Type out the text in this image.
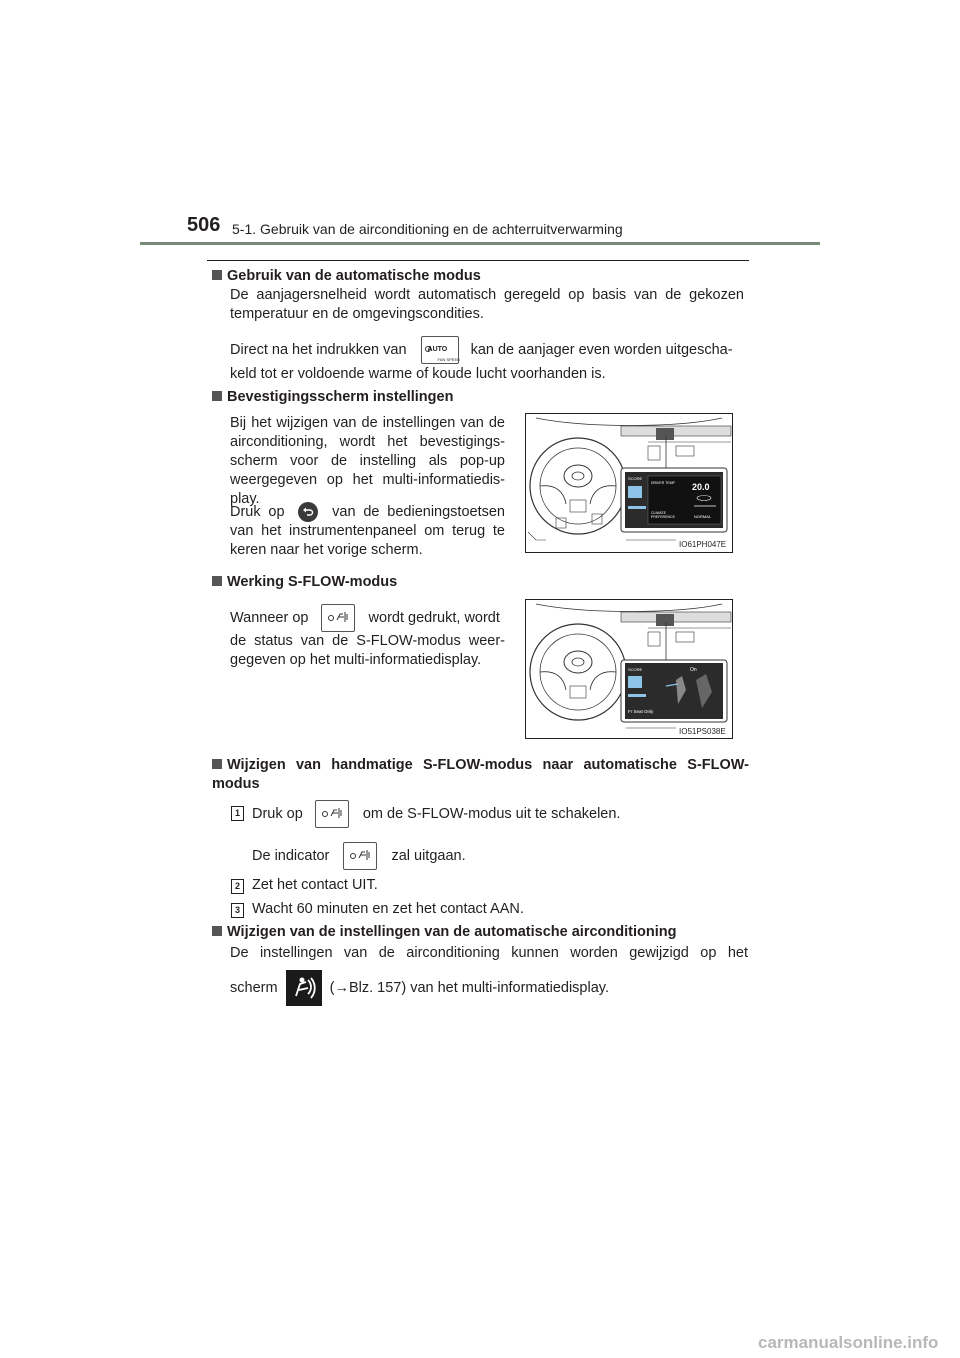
506 5-1. Gebruik van de airconditioning en de achterruitverwarming
Gebruik van de automatische modus
De aanjagersnelheid wordt automatisch geregeld op basis van de gekozen temperatuur en de omgevingscondities.
Direct na het indrukken van	AUTO
FAN SPEED
kan de aanjager even worden uitgescha-
keld tot er voldoende warme of koude lucht voorhanden is.
Bevestigingsscherm instellingen
Bij het wijzigen van de instellingen van de airconditioning, wordt het bevestigings-scherm voor de instelling als pop-up weergegeven op het multi-informatiedis-play.
Druk op	van de bedieningstoetsen van het instrumentenpaneel om terug te keren naar het vorige scherm.
SCORE
DRIVER TEMP 20.0
CLIMATE
PREFERENCE	NORMAL
IO61PH047E
Werking S-FLOW-modus
Wanneer op	wordt gedrukt, wordt
de status van de S-FLOW-modus weer-gegeven op het multi-informatiedisplay.
SCORE	On
Fr Seat Only
IO51PS038E
Wijzigen van handmatige S-FLOW-modus naar automatische S-FLOW-modus
1 Druk op	om de S-FLOW-modus uit te schakelen.
De indicator	zal uitgaan.
2 Zet het contact UIT.
3 Wacht 60 minuten en zet het contact AAN.
Wijzigen van de instellingen van de automatische airconditioning
De instellingen van de airconditioning kunnen worden gewijzigd op het
scherm	(→Blz. 157) van het multi-informatiedisplay.
carmanualsonline.info
